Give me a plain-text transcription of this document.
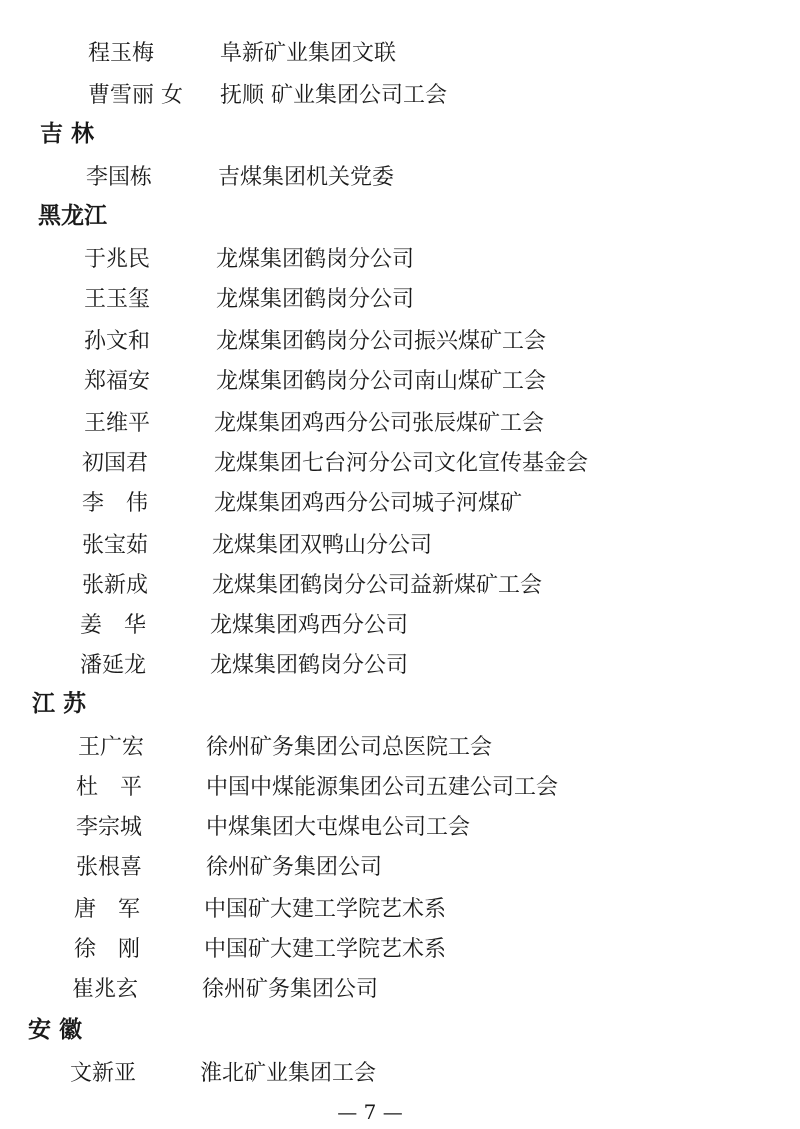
程玉梅	阜新矿业集团文联
曹雪丽 女 抚顺 矿业集团公司工会
吉 林
李国栋	吉煤集团机关党委
黑龙江
于兆民	龙煤集团鹤岗分公司
王玉玺	龙煤集团鹤岗分公司
孙文和	龙煤集团鹤岗分公司振兴煤矿工会
郑福安	龙煤集团鹤岗分公司南山煤矿工会
王维平	龙煤集团鸡西分公司张辰煤矿工会
初国君	龙煤集团七台河分公司文化宣传基金会
李　伟	龙煤集团鸡西分公司城子河煤矿
张宝茹	龙煤集团双鸭山分公司
张新成	龙煤集团鹤岗分公司益新煤矿工会
姜　华	龙煤集团鸡西分公司
潘延龙	龙煤集团鹤岗分公司
江 苏
王广宏	徐州矿务集团公司总医院工会
杜　平	中国中煤能源集团公司五建公司工会
李宗城	中煤集团大屯煤电公司工会
张根喜	徐州矿务集团公司
唐　军	中国矿大建工学院艺术系
徐　刚	中国矿大建工学院艺术系
崔兆玄	徐州矿务集团公司
安 徽
文新亚	淮北矿业集团工会
— 7 —
